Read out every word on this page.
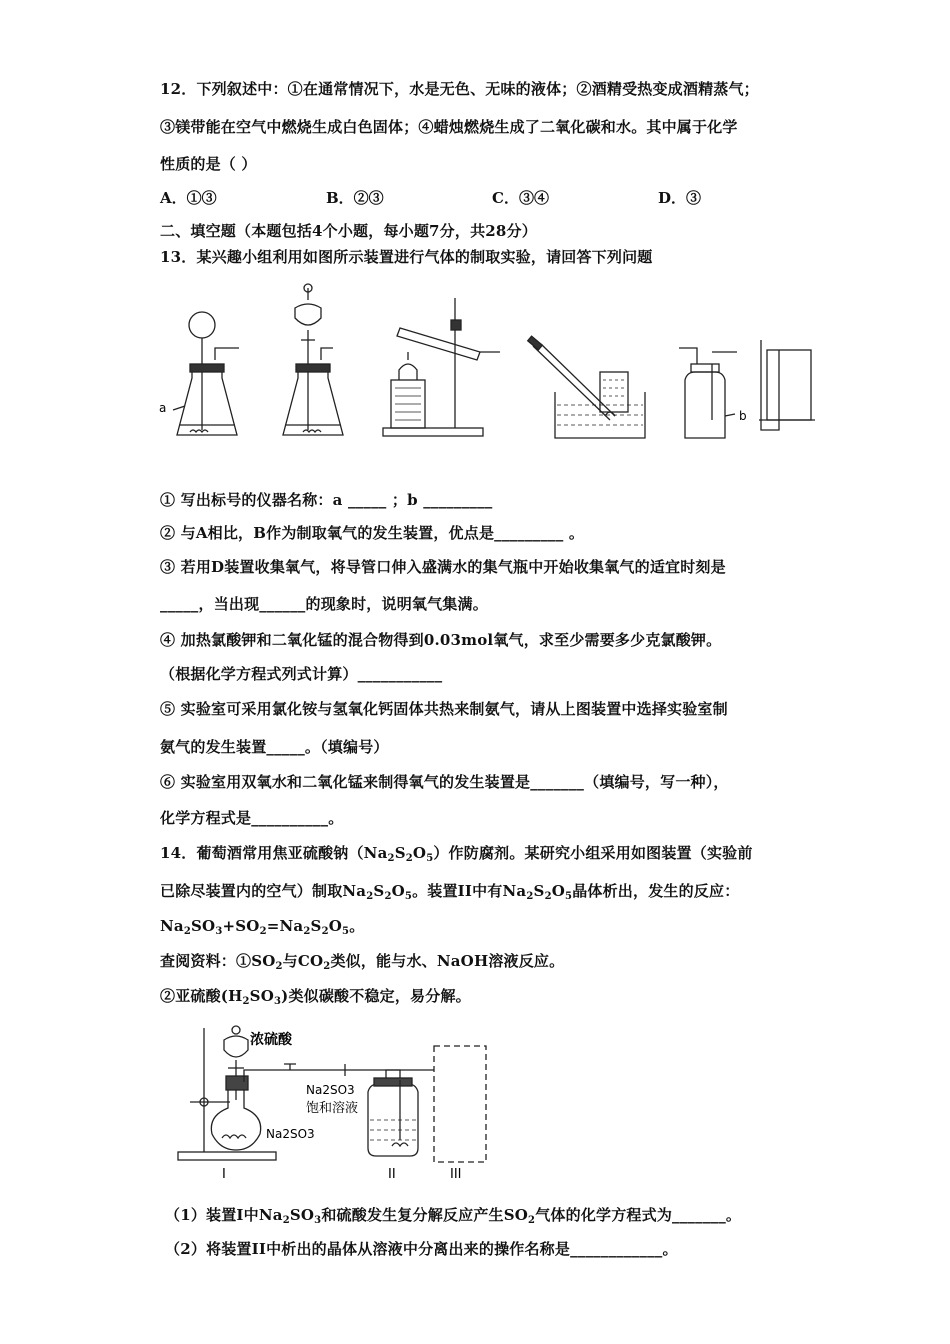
12．下列叙述中：①在通常情况下，水是无色、无味的液体；②酒精受热变成酒精蒸气；
③镁带能在空气中燃烧生成白色固体；④蜡烛燃烧生成了二氧化碳和水。其中属于化学
性质的是（ ）
A．①③	B．②③	C．③④	D．③
二、填空题（本题包括4个小题，每小题7分，共28分）
13．某兴趣小组利用如图所示装置进行气体的制取实验，请回答下列问题
a
b
① 写出标号的仪器名称：a _____ ；b _________
② 与A相比，B作为制取氧气的发生装置，优点是_________ 。
③ 若用D装置收集氧气，将导管口伸入盛满水的集气瓶中开始收集氧气的适宜时刻是
_____，当出现______的现象时，说明氧气集满。
④ 加热氯酸钾和二氧化锰的混合物得到0.03mol氧气，求至少需要多少克氯酸钾。
（根据化学方程式列式计算）___________
⑤ 实验室可采用氯化铵与氢氧化钙固体共热来制氨气，请从上图装置中选择实验室制
氨气的发生装置_____。（填编号）
⑥ 实验室用双氧水和二氧化锰来制得氧气的发生装置是_______（填编号，写一种），
化学方程式是__________。
14．葡萄酒常用焦亚硫酸钠$(Na_2S_2O_5)$作防腐剂。某研究小组采用如图装置（实验前
已除尽装置内的空气）制取$Na_2S_2O_5$。装置II中有$Na_2S_2O_5$晶体析出，发生的反应：
$Na_2SO_3+SO_2=Na_2S_2O_5$。
查阅资料：$①SO_2$与$CO_2$类似，能与水、NaOH溶液反应。
②亚硫酸$(H_2SO_3)$类似碳酸不稳定，易分解。
浓硫酸
Na2SO3
饱和溶液
Na2SO3
I	II	III
（1）装置I中$Na_2SO_3$和硫酸发生复分解反应产生$SO_2$气体的化学方程式为_______。
（2）将装置II中析出的晶体从溶液中分离出来的操作名称是____________。
